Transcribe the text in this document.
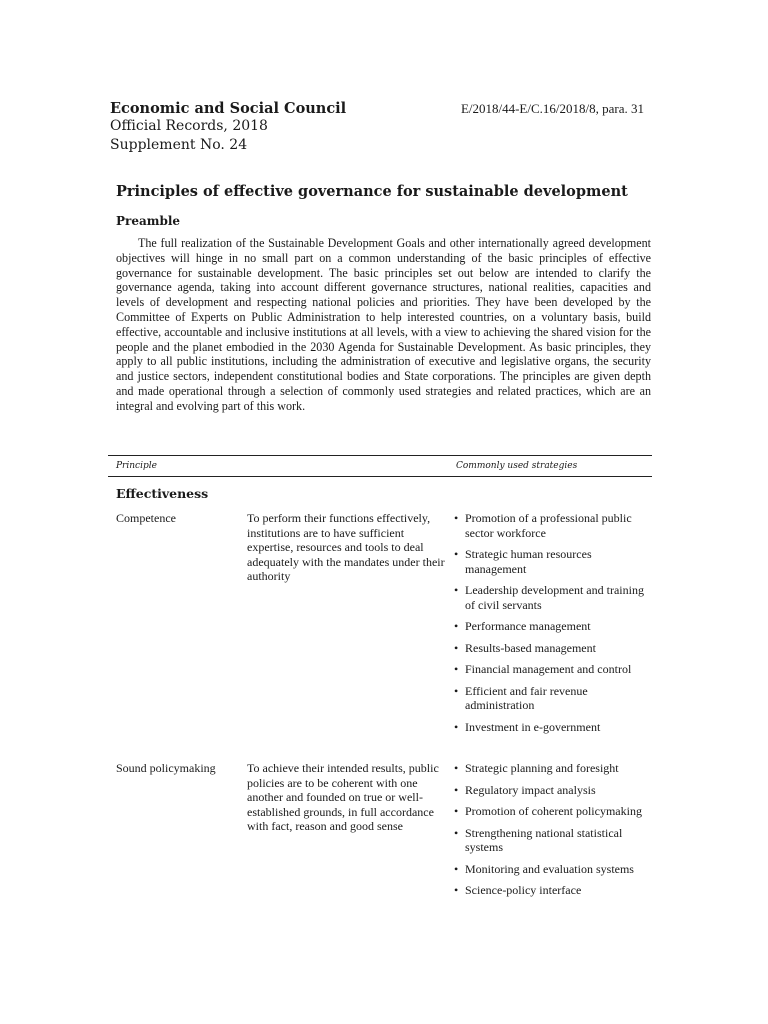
Economic and Social Council	E/2018/44-E/C.16/2018/8, para. 31
Official Records, 2018
Supplement No. 24
Principles of effective governance for sustainable development
Preamble

The full realization of the Sustainable Development Goals and other internationally agreed development objectives will hinge in no small part on a common understanding of the basic principles of effective governance for sustainable development. The basic principles set out below are intended to clarify the governance agenda, taking into account different governance structures, national realities, capacities and levels of development and respecting national policies and priorities. They have been developed by the Committee of Experts on Public Administration to help interested countries, on a voluntary basis, build effective, accountable and inclusive institutions at all levels, with a view to achieving the shared vision for the people and the planet embodied in the 2030 Agenda for Sustainable Development. As basic principles, they apply to all public institutions, including the administration of executive and legislative organs, the security and justice sectors, independent constitutional bodies and State corporations. The principles are given depth and made operational through a selection of commonly used strategies and related practices, which are an integral and evolving part of this work.

Principle	Commonly used strategies
Effectiveness
Competence	To perform their functions effectively, institutions are to have sufficient expertise, resources and tools to deal adequately with the mandates under their authority
• Promotion of a professional public sector workforce
• Strategic human resources management
• Leadership development and training of civil servants
• Performance management
• Results-based management
• Financial management and control
• Efficient and fair revenue administration
• Investment in e-government
Sound policymaking	To achieve their intended results, public policies are to be coherent with one another and founded on true or well-established grounds, in full accordance with fact, reason and good sense
• Strategic planning and foresight
• Regulatory impact analysis
• Promotion of coherent policymaking
• Strengthening national statistical systems
• Monitoring and evaluation systems
• Science-policy interface
